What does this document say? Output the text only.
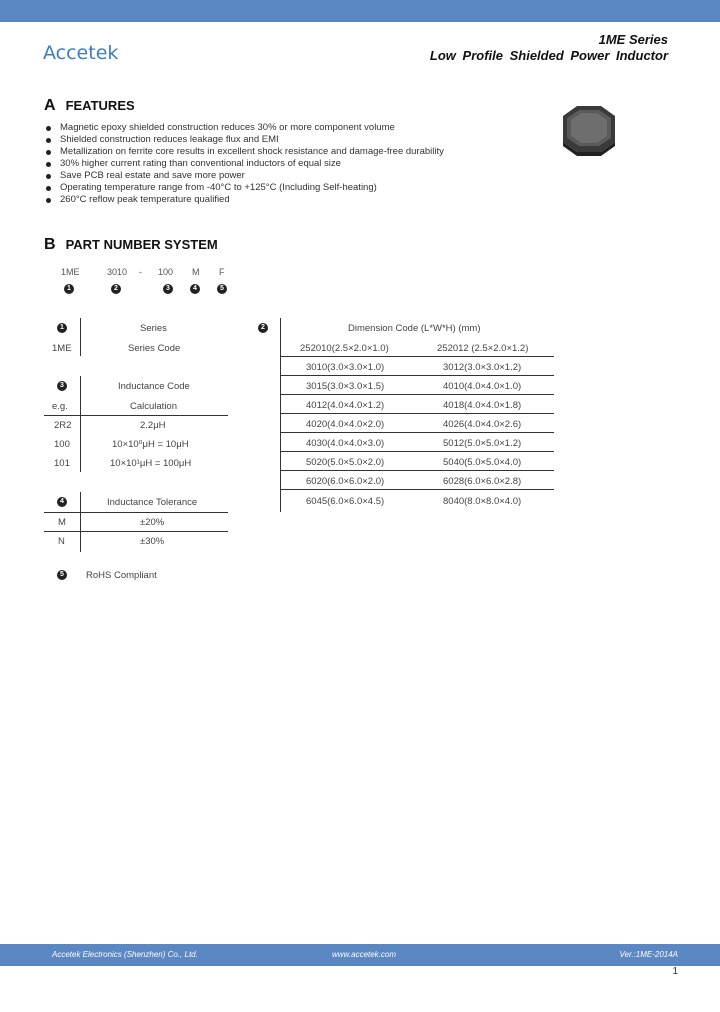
Accetek
1ME Series
Low Profile Shielded Power Inductor
A FEATURES
Magnetic epoxy shielded construction reduces 30% or more component volume
Shielded construction reduces leakage flux and EMI
Metallization on ferrite core results in excellent shock resistance and damage-free durability
30% higher current rating than conventional inductors of equal size
Save PCB real estate and save more power
Operating temperature range from -40°C to +125°C (Including Self-heating)
260°C reflow peak temperature qualified
B PART NUMBER SYSTEM
1ME	3010 - 100 M F
1	2	3	4	5
1	Series
1ME	Series Code
3	Inductance Code
e.g.	Calculation
2R2	2.2μH
100	10×10⁰μH = 10μH
101	10×10¹μH = 100μH
4	Inductance Tolerance
M	±20%
N	±30%
5	RoHS Compliant
2	Dimension Code (L*W*H) (mm)
252010(2.5×2.0×1.0)	252012 (2.5×2.0×1.2)
3010(3.0×3.0×1.0)	3012(3.0×3.0×1.2)
3015(3.0×3.0×1.5)	4010(4.0×4.0×1.0)
4012(4.0×4.0×1.2)	4018(4.0×4.0×1.8)
4020(4.0×4.0×2.0)	4026(4.0×4.0×2.6)
4030(4.0×4.0×3.0)	5012(5.0×5.0×1.2)
5020(5.0×5.0×2.0)	5040(5.0×5.0×4.0)
6020(6.0×6.0×2.0)	6028(6.0×6.0×2.8)
6045(6.0×6.0×4.5)	8040(8.0×8.0×4.0)
Accetek Electronics (Shenzhen) Co., Ltd.	www.accetek.com	Ver.:1ME-2014A
1
